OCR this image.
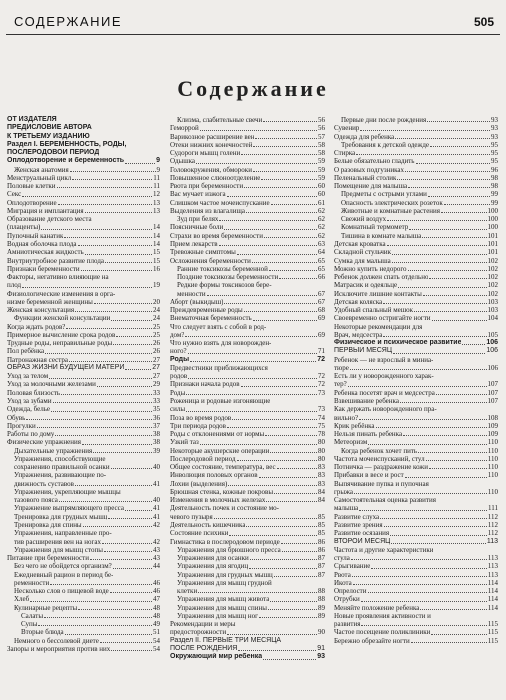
СОДЕРЖАНИЕ	505
Содержание
ОТ ИЗДАТЕЛЯ
ПРЕДИСЛОВИЕ АВТОРА
К ТРЕТЬЕМУ ИЗДАНИЮ
Раздел I. БЕРЕМЕННОСТЬ, РОДЫ,
ПОСЛЕРОДОВОЙ ПЕРИОД
Оплодотворение и беременность	9
Женская анатомия	9
Менструальный цикл	11
Половые клетки	11
Секс	12
Оплодотворение	13
Миграция и имплантация	13
Образование детского места
(плаценты)	14
Пупочный канатик	14
Водная оболочка плода	14
Амниотическая жидкость	15
Внутриутробное развитие плода	15
Признаки беременности	16
Факторы, негативно влияющие на
плод	19
Физиологические изменения в орга-
низме беременной женщины	20
Женская консультация	24
Функции женской консультации	24
Когда ждать родов?	25
Примерное вычисление срока родов	25
Трудные роды, неправильные роды	26
Пол ребёнка	26
Патронажная сестра	27
ОБРАЗ ЖИЗНИ БУДУЩЕЙ МАТЕРИ	27
Уход за телом	27
Уход за молочными железами	29
Половая близость	33
Уход за зубами	33
Одежда, белье	35
Обувь	36
Прогулки	37
Работы по дому	38
Физические упражнения	38
Дыхательные упражнения	39
Упражнения, способствующие
сохранению правильной осанки	40
Упражнения, развивающие по-
движность суставов	41
Упражнения, укрепляющие мышцы
тазового пояса	40
Упражнение выпрямляющего пресса	41
Тренировка для грудных мышц	41
Тренировка для спины	42
Упражнения, направленные про-
тив расширения вен на ногах	42
Упражнения для мышц стопы	43
Питание при беременности	43
Без чего не обойдется организм?	44
Ежедневный рацион в период бе-
ременности	46
Несколько слов о пищевой воде	46
Хлеб	47
Кулинарные рецепты	48
Салаты	48
Супы	49
Вторые блюда	51
Немного о бессолевой диете	54
Запоры и мероприятия против них	54
Клизма, слабительные свечи	56
Геморрой	56
Варикозное расширение вен	57
Отеки нижних конечностей	58
Судороги мышц голени	58
Одышка	59
Головокружения, обмороки	59
Повышенное слюноотделение	59
Рвота при беременности	60
Вас мучает изжога	60
Слишком частое мочеиспускание	61
Выделения из влагалища	62
Зуд при белях	62
Поясничные боли	62
Страхи во время беременности	62
Прием лекарств	63
Тревожные симптомы	64
Осложнения беременности	65
Ранние токсикозы беременной	65
Поздние токсикозы беременности	66
Редкие формы токсикозов бере-
менности	67
Аборт (выкидыш)	67
Преждевременные роды	68
Внематочная беременность	69
Что следует взять с собой в род-
дом?	69
Что нужно взять для новорожден-
ного?	71
Роды	72
Предвестники приближающихся
родов	72
Признаки начала родов	72
Роды	73
Роженица и родовые изгоняющие
силы	73
Поза во время родов	74
Три периода родов	75
Роды с отклонениями от нормы	78
Узкий таз	80
Некоторые акушерские операции	80
Послеродовой период	80
Общее состояние, температура, вес	83
Инволюция половых органов	83
Лохии (выделения)	83
Брюшная стенка, кожные покровы	84
Изменения в молочных железах	84
Деятельность почек и состояние мо-
чевого пузыря	85
Деятельность кишечника	85
Состояние психики	85
Гимнастика в послеродовом периоде	86
Упражнения для брюшного пресса	86
Упражнения для осанки	87
Упражнения для ягодиц	87
Упражнения для грудных мышц	87
Упражнения для мышц грудной
клетки	88
Упражнения для мышц живота	88
Упражнения для мышц спины	89
Упражнения для мышц ног	89
Рекомендации и меры
предосторожности	90
Раздел II. ПЕРВЫЕ ТРИ МЕСЯЦА
ПОСЛЕ РОЖДЕНИЯ	91
Окружающий мир ребенка	93
Первые дни после рождения	93
Сувенир	93
Одежда для ребенка	93
Требования к детской одежде	95
Стирка	95
Белые обязательно гладить	95
О разовых подгузниках	96
Пеленальный столик	98
Помещение для малыша	98
Предметы с острыми углами	99
Опасность электрических розеток	99
Животные и комнатные растения	100
Свежий воздух	100
Комнатный термометр	100
Тишина в комнате малыша	101
Детская кроватка	101
Складной стульчик	101
Сумка для малыша	102
Можно купить недорого	102
Ребенок должен спать отдельно	102
Матрасик и одеяльце	102
Исключите лишние контакты	102
Детская коляска	103
Удобный спальный мешок	103
Своевременно остригайте ногти	104
Некоторые рекомендации для
Врач, медсестра	105
Физическое и психическое развитие	106
ПЕРВЫЙ МЕСЯЦ	106
Ребенок — не взрослый в миниа-
тюре	106
Есть ли у новорожденного харак-
тер?	107
Ребенка посетят врач и медсестра	107
Взвешивание ребенка	107
Как держать новорожденного пра-
вильно?	108
Крик ребёнка	109
Нельзя пинать ребенка	109
Метеоризм	110
Когда ребенок хочет пить	110
Частота мочеиспусканий, стул	110
Потничка — раздражение кожи	110
Прибавки в весе и рост	110
Выпячивание пупка и пупочная
грыжа	110
Самостоятельная оценка развития
малыша	111
Развитие слуха	112
Развитие зрения	112
Развитие осязания	112
ВТОРОЙ МЕСЯЦ	113
Частота и другие характеристики
стула	113
Срыгивание	113
Рвота	113
Икота	114
Опрелости	114
Отрубки	114
Меняйте положение ребенка	114
Новые проявления активности и
развития	115
Частое посещение поликлиники	115
Бережно обрезайте ногти	115
